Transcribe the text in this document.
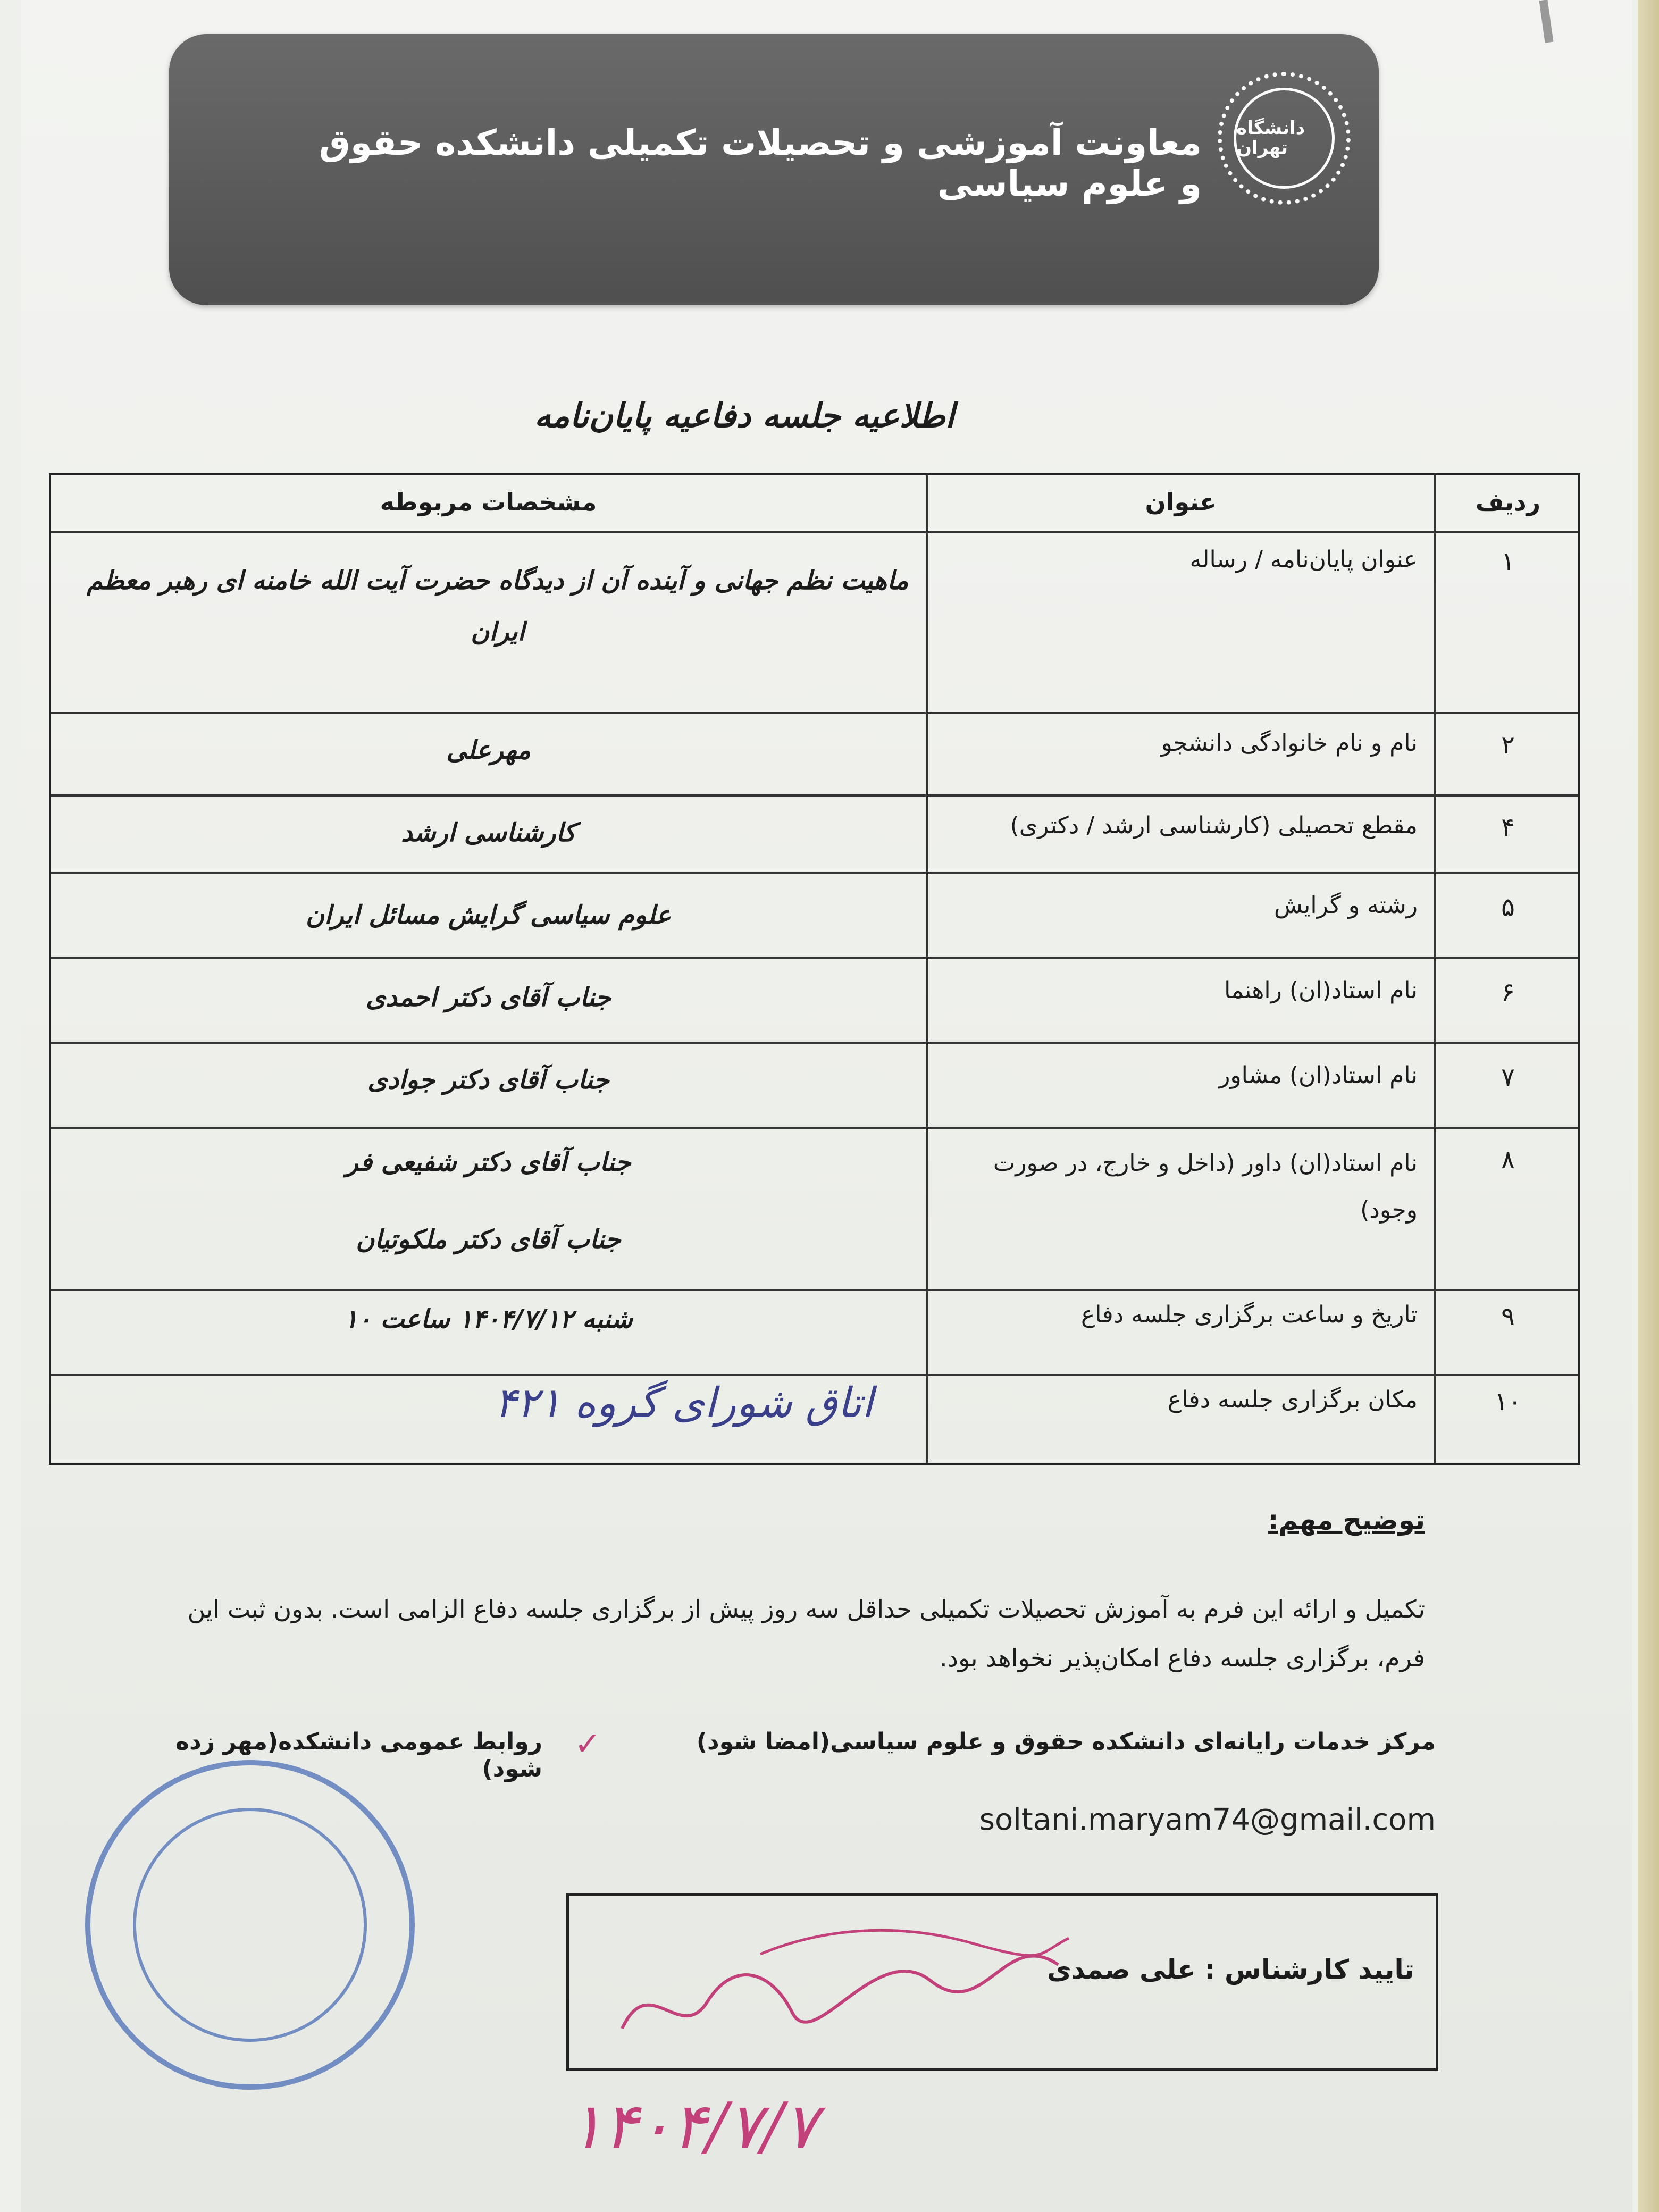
دانشگاه تهران
معاونت آموزشی و تحصیلات تکمیلی دانشکده حقوق و علوم سیاسی
اطلاعیه جلسه دفاعیه پایان‌نامه
ردیف
عنوان
مشخصات مربوطه
۱
عنوان پایان‌نامه / رساله
ماهیت نظم جهانی و آینده آن از دیدگاه حضرت آیت الله خامنه ای رهبر معظم ایران
۲
نام و نام خانوادگی دانشجو
مهرعلی
۴
مقطع تحصیلی (کارشناسی ارشد / دکتری)
کارشناسی ارشد
۵
رشته و گرایش
علوم سیاسی گرایش مسائل ایران
۶
نام استاد(ان) راهنما
جناب آقای دکتر احمدی
۷
نام استاد(ان) مشاور
جناب آقای دکتر جوادی
۸
نام استاد(ان) داور (داخل و خارج، در صورت وجود)
جناب آقای دکتر شفیعی فر
جناب آقای دکتر ملکوتیان
۹
تاریخ و ساعت برگزاری جلسه دفاع
شنبه ۱۴۰۴/۷/۱۲ ساعت ۱۰
۱۰
مکان برگزاری جلسه دفاع
اتاق شورای گروه ۴۲۱
توضیح مهم:
تکمیل و ارائه این فرم به آموزش تحصیلات تکمیلی حداقل سه روز پیش از برگزاری جلسه دفاع الزامی است. بدون ثبت این فرم، برگزاری جلسه دفاع امکان‌پذیر نخواهد بود.
مرکز خدمات رایانه‌ای دانشکده حقوق و علوم سیاسی(امضا شود)
روابط عمومی دانشکده(مهر زده شود)
✓
soltani.maryam74@gmail.com
تایید کارشناس : علی صمدی
۱۴۰۴/۷/۷
